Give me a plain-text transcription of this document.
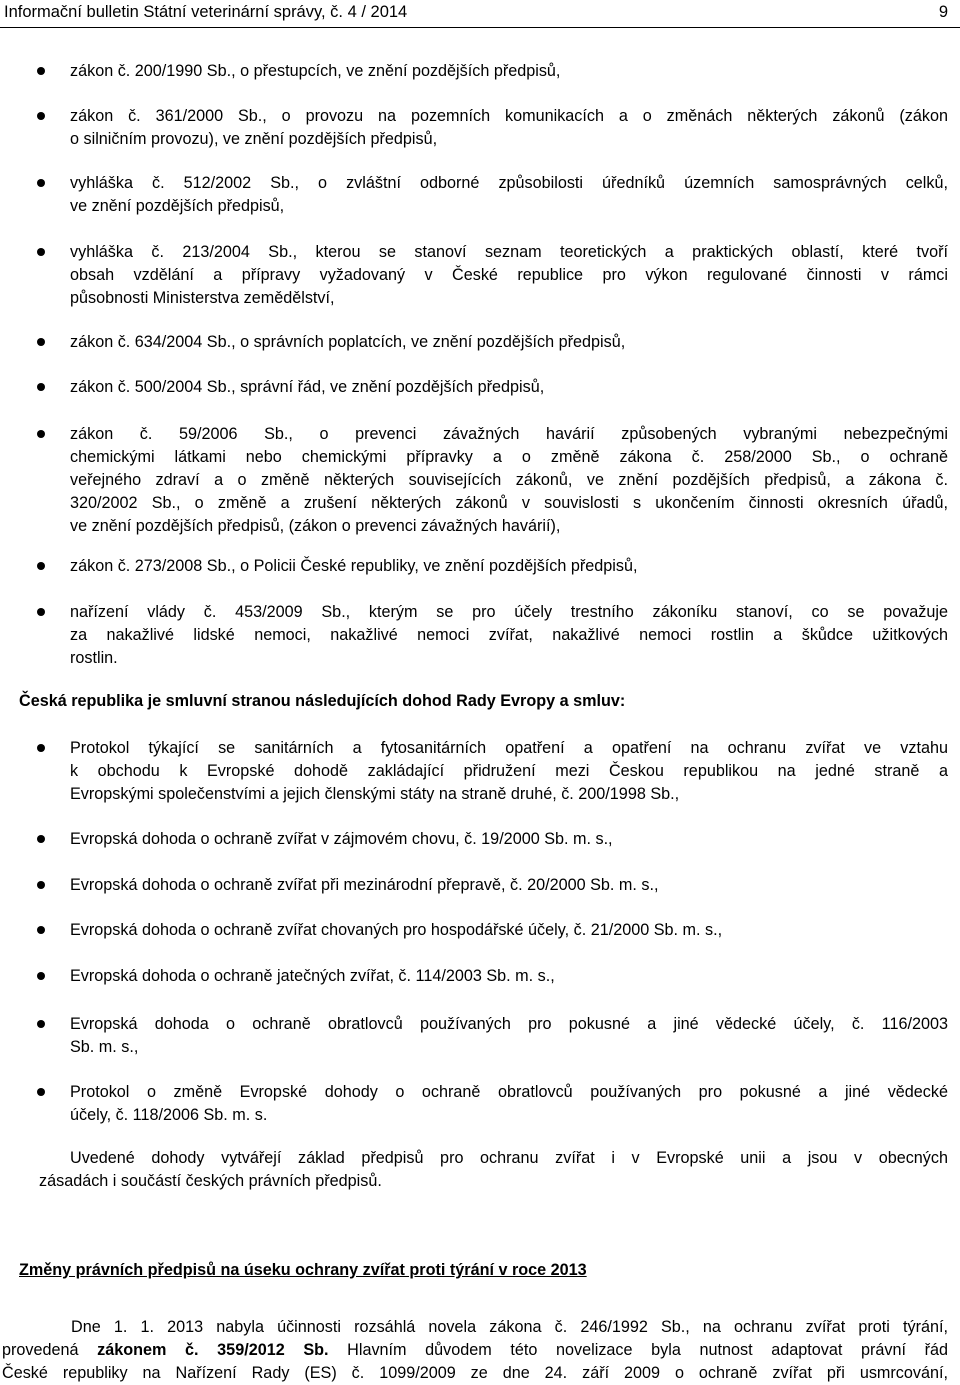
Informační bulletin Státní veterinární správy, č. 4 / 2014	9
zákon č. 200/1990 Sb., o přestupcích, ve znění pozdějších předpisů,
zákon č. 361/2000 Sb., o provozu na pozemních komunikacích a o změnách některých zákonů (zákon
o silničním provozu), ve znění pozdějších předpisů,
vyhláška č. 512/2002 Sb., o zvláštní odborné způsobilosti úředníků územních samosprávných celků,
ve znění pozdějších předpisů,
vyhláška č. 213/2004 Sb., kterou se stanoví seznam teoretických a praktických oblastí, které tvoří
obsah vzdělání a přípravy vyžadovaný v České republice pro výkon regulované činnosti v rámci
působnosti Ministerstva zemědělství,
zákon č. 634/2004 Sb., o správních poplatcích, ve znění pozdějších předpisů,
zákon č. 500/2004 Sb., správní řád, ve znění pozdějších předpisů,
zákon č. 59/2006 Sb., o prevenci závažných havárií způsobených vybranými nebezpečnými
chemickými látkami nebo chemickými přípravky a o změně zákona č. 258/2000 Sb., o ochraně
veřejného zdraví a o změně některých souvisejících zákonů, ve znění pozdějších předpisů, a zákona č.
320/2002 Sb., o změně a zrušení některých zákonů v souvislosti s ukončením činnosti okresních úřadů,
ve znění pozdějších předpisů, (zákon o prevenci závažných havárií),
zákon č. 273/2008 Sb., o Policii České republiky, ve znění pozdějších předpisů,
nařízení vlády č. 453/2009 Sb., kterým se pro účely trestního zákoníku stanoví, co se považuje
za nakažlivé lidské nemoci, nakažlivé nemoci zvířat, nakažlivé nemoci rostlin a škůdce užitkových
rostlin.
Česká republika je smluvní stranou následujících dohod Rady Evropy a smluv:
Protokol týkající se sanitárních a fytosanitárních opatření a opatření na ochranu zvířat ve vztahu
k obchodu k Evropské dohodě zakládající přidružení mezi Českou republikou na jedné straně a
Evropskými společenstvími a jejich členskými státy na straně druhé, č. 200/1998 Sb.,
Evropská dohoda o ochraně zvířat v zájmovém chovu, č. 19/2000 Sb. m. s.,
Evropská dohoda o ochraně zvířat při mezinárodní přepravě, č. 20/2000 Sb. m. s.,
Evropská dohoda o ochraně zvířat chovaných pro hospodářské účely, č. 21/2000 Sb. m. s.,
Evropská dohoda o ochraně jatečných zvířat, č. 114/2003 Sb. m. s.,
Evropská dohoda o ochraně obratlovců používaných pro pokusné a jiné vědecké účely, č. 116/2003
Sb. m. s.,
Protokol o změně Evropské dohody o ochraně obratlovců používaných pro pokusné a jiné vědecké
účely, č. 118/2006 Sb. m. s.
Uvedené dohody vytvářejí základ předpisů pro ochranu zvířat i v Evropské unii a jsou v obecných
zásadách i součástí českých právních předpisů.
Změny právních předpisů na úseku ochrany zvířat proti týrání v roce 2013
Dne 1. 1. 2013 nabyla účinnosti rozsáhlá novela zákona č. 246/1992 Sb., na ochranu zvířat proti týrání,
provedená zákonem č. 359/2012 Sb. Hlavním důvodem této novelizace byla nutnost adaptovat právní řád
České republiky na Nařízení Rady (ES) č. 1099/2009 ze dne 24. září 2009 o ochraně zvířat při usmrcování,
